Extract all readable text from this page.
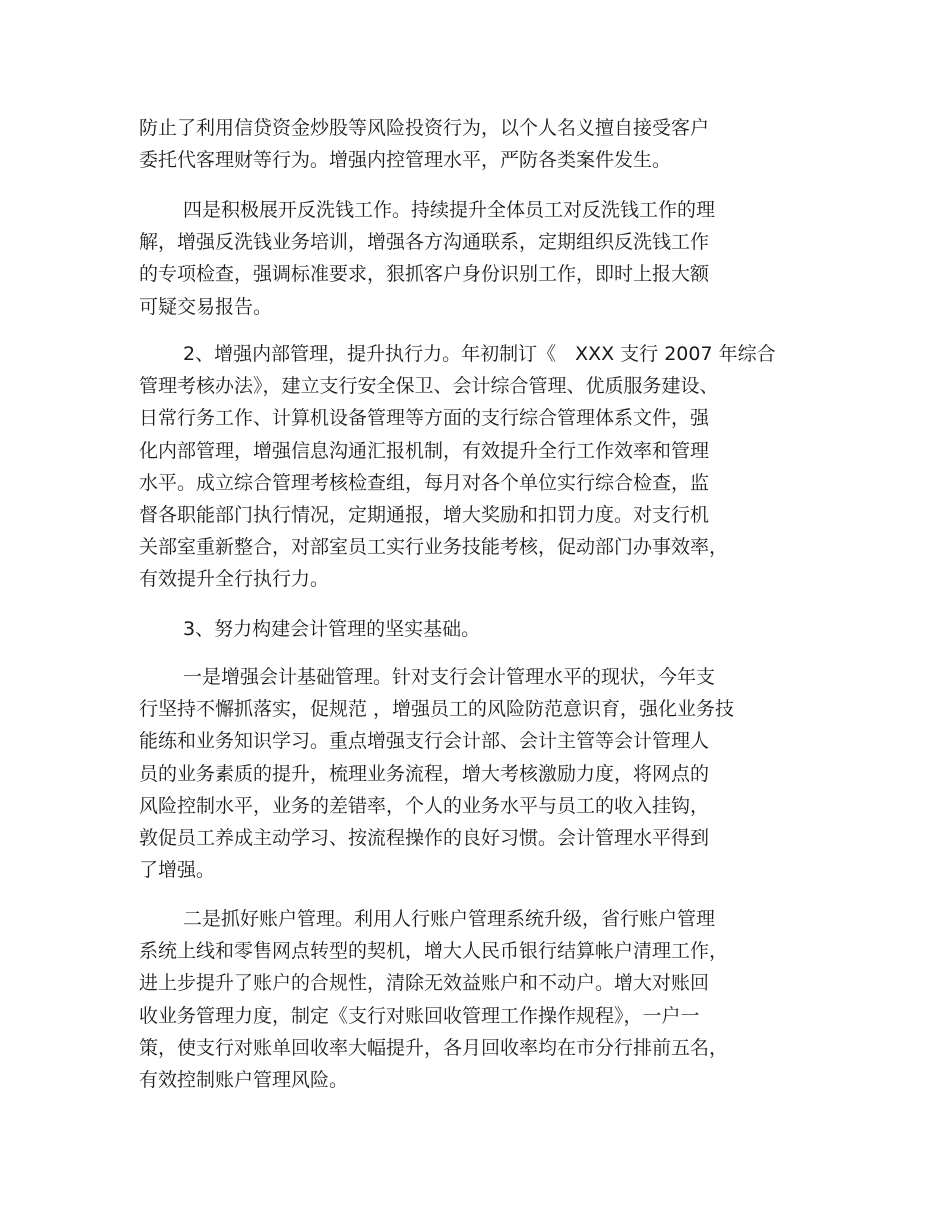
防止了利用信贷资金炒股等风险投资行为，以个人名义擅自接受客户
委托代客理财等行为。增强内控管理水平，严防各类案件发生。
四是积极展开反洗钱工作。持续提升全体员工对反洗钱工作的理
解，增强反洗钱业务培训，增强各方沟通联系，定期组织反洗钱工作
的专项检查，强调标准要求，狠抓客户身份识别工作，即时上报大额
可疑交易报告。
2、增强内部管理，提升执行力。年初制订《　XXX 支行 2007 年综合
管理考核办法》，建立支行安全保卫、会计综合管理、优质服务建设、
日常行务工作、计算机设备管理等方面的支行综合管理体系文件，强
化内部管理，增强信息沟通汇报机制，有效提升全行工作效率和管理
水平。成立综合管理考核检查组，每月对各个单位实行综合检查，监
督各职能部门执行情况，定期通报，增大奖励和扣罚力度。对支行机
关部室重新整合，对部室员工实行业务技能考核，促动部门办事效率，
有效提升全行执行力。
3、努力构建会计管理的坚实基础。
一是增强会计基础管理。针对支行会计管理水平的现状，今年支
行坚持不懈抓落实，促规范 ，增强员工的风险防范意识育，强化业务技
能练和业务知识学习。重点增强支行会计部、会计主管等会计管理人
员的业务素质的提升，梳理业务流程，增大考核激励力度，将网点的
风险控制水平，业务的差错率，个人的业务水平与员工的收入挂钩，
敦促员工养成主动学习、按流程操作的良好习惯。会计管理水平得到
了增强。
二是抓好账户管理。利用人行账户管理系统升级，省行账户管理
系统上线和零售网点转型的契机，增大人民币银行结算帐户清理工作，
进上步提升了账户的合规性，清除无效益账户和不动户。增大对账回
收业务管理力度，制定《支行对账回收管理工作操作规程》，一户一
策，使支行对账单回收率大幅提升，各月回收率均在市分行排前五名，
有效控制账户管理风险。
